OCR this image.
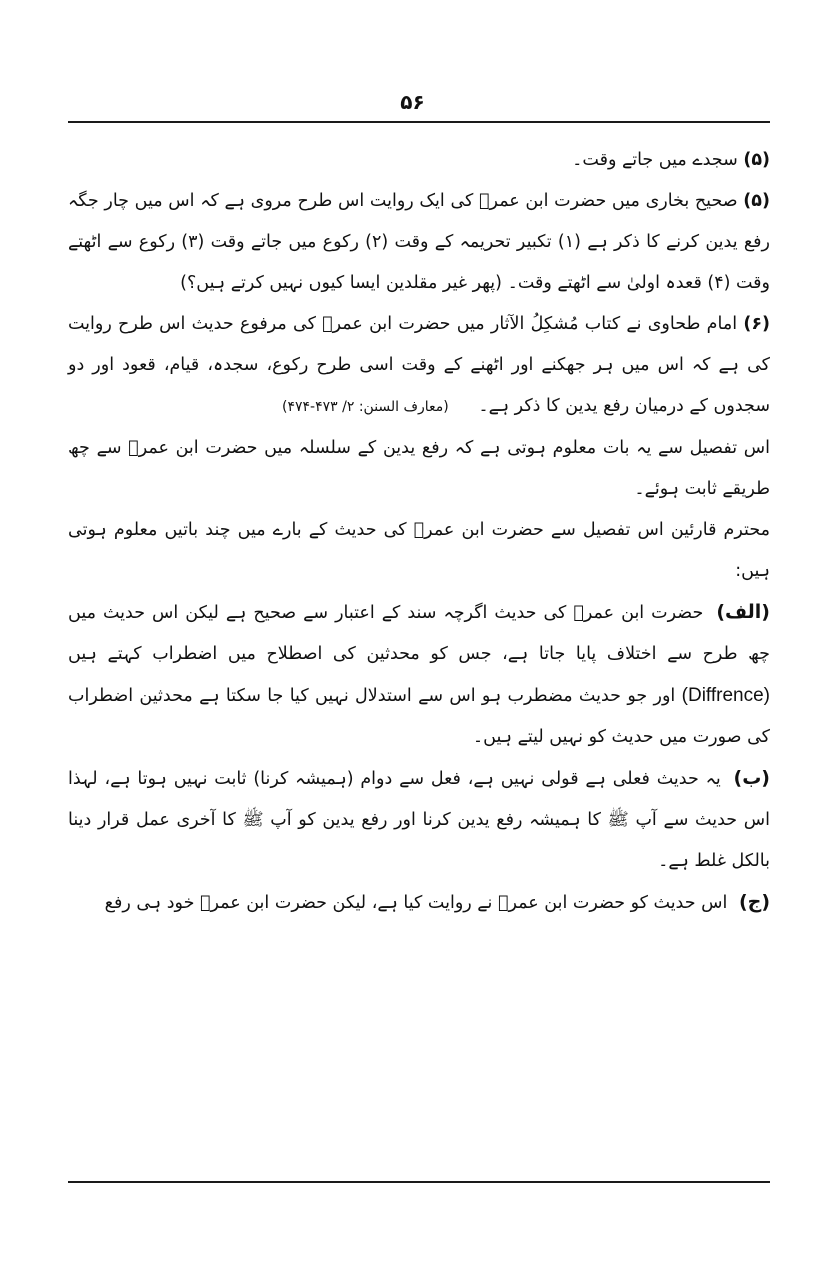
۵۶

(۵) سجدے میں جاتے وقت۔

(۵) صحیح بخاری میں حضرت ابن عمرؓ کی ایک روایت اس طرح مروی ہے کہ اس میں چار جگہ رفع یدین کرنے کا ذکر ہے (۱) تکبیر تحریمہ کے وقت (۲) رکوع میں جاتے وقت (۳) رکوع سے اٹھتے وقت (۴) قعدہ اولیٰ سے اٹھتے وقت۔ (پھر غیر مقلدین ایسا کیوں نہیں کرتے ہیں؟)

(۶) امام طحاوی نے کتاب مُشکِلُ الآثار میں حضرت ابن عمرؓ کی مرفوع حدیث اس طرح روایت کی ہے کہ اس میں ہر جھکنے اور اٹھنے کے وقت اسی طرح رکوع، سجدہ، قیام، قعود اور دو سجدوں کے درمیان رفع یدین کا ذکر ہے۔ (معارف السنن: ۲/ ۴۷۳-۴۷۴)

اس تفصیل سے یہ بات معلوم ہوتی ہے کہ رفع یدین کے سلسلہ میں حضرت ابن عمرؓ سے چھ طریقے ثابت ہوئے۔

محترم قارئین اس تفصیل سے حضرت ابن عمرؓ کی حدیث کے بارے میں چند باتیں معلوم ہوتی ہیں:

(الف) حضرت ابن عمرؓ کی حدیث اگرچہ سند کے اعتبار سے صحیح ہے لیکن اس حدیث میں چھ طرح سے اختلاف پایا جاتا ہے، جس کو محدثین کی اصطلاح میں اضطراب کہتے ہیں (Diffrence) اور جو حدیث مضطرب ہو اس سے استدلال نہیں کیا جا سکتا ہے محدثین اضطراب کی صورت میں حدیث کو نہیں لیتے ہیں۔

(ب) یہ حدیث فعلی ہے قولی نہیں ہے، فعل سے دوام (ہمیشہ کرنا) ثابت نہیں ہوتا ہے، لہذا اس حدیث سے آپ ﷺ کا ہمیشہ رفع یدین کرنا اور رفع یدین کو آپ ﷺ کا آخری عمل قرار دینا بالکل غلط ہے۔

(ج) اس حدیث کو حضرت ابن عمرؓ نے روایت کیا ہے، لیکن حضرت ابن عمرؓ خود ہی رفع
